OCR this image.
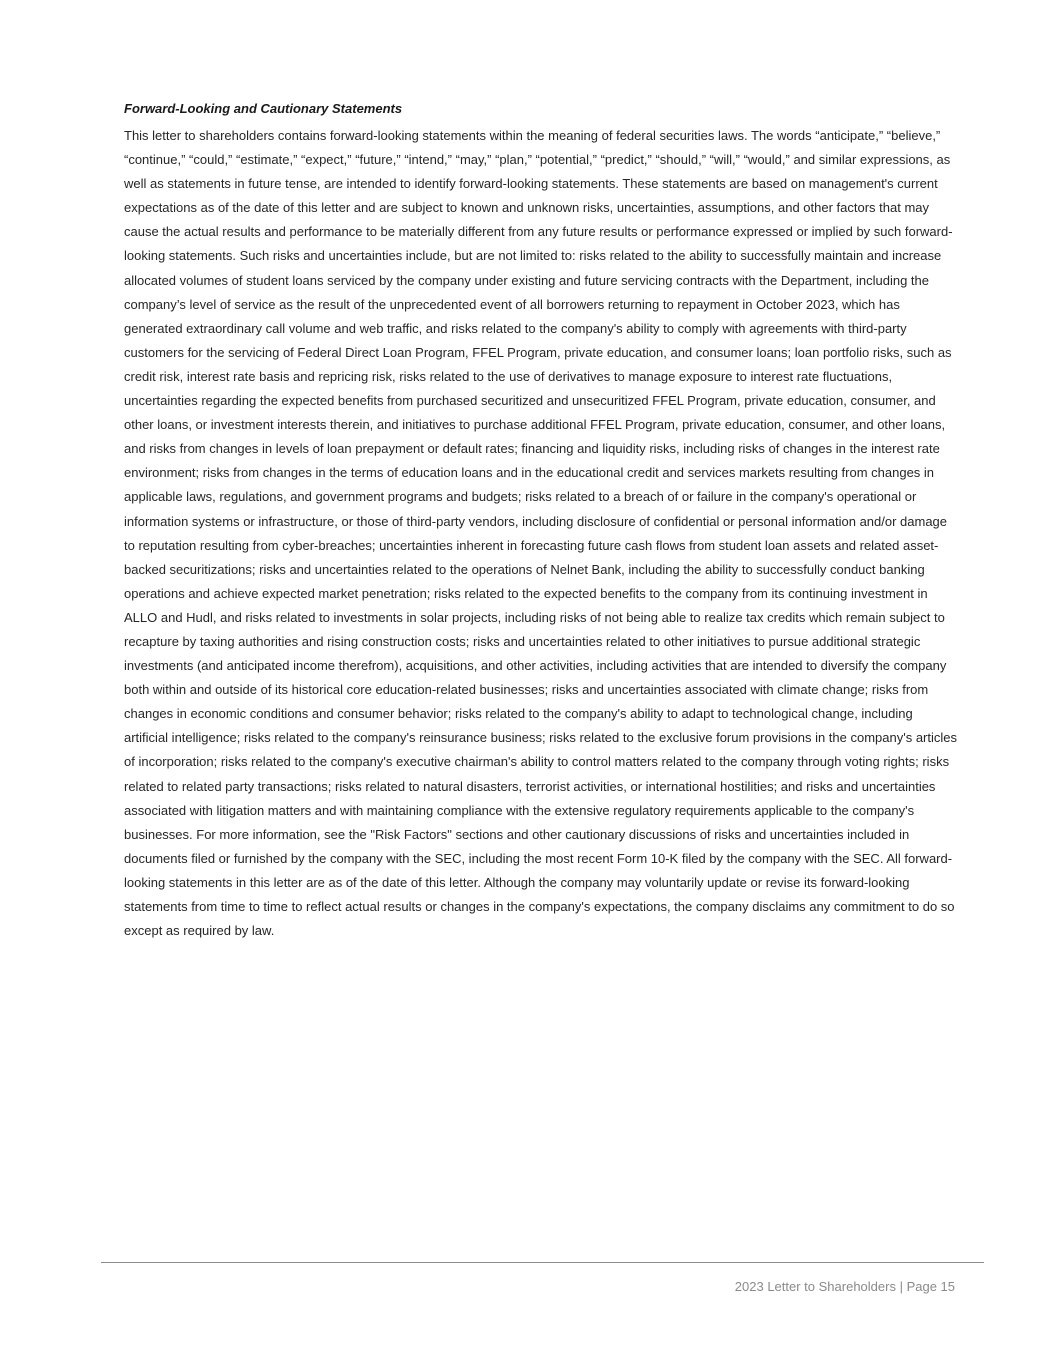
Forward-Looking and Cautionary Statements

This letter to shareholders contains forward-looking statements within the meaning of federal securities laws. The words “anticipate,” “believe,” “continue,” “could,” “estimate,” “expect,” “future,” “intend,” “may,” “plan,” “potential,” “predict,” “should,” “will,” “would,” and similar expressions, as well as statements in future tense, are intended to identify forward-looking statements. These statements are based on management's current expectations as of the date of this letter and are subject to known and unknown risks, uncertainties, assumptions, and other factors that may cause the actual results and performance to be materially different from any future results or performance expressed or implied by such forward-looking statements. Such risks and uncertainties include, but are not limited to: risks related to the ability to successfully maintain and increase allocated volumes of student loans serviced by the company under existing and future servicing contracts with the Department, including the company’s level of service as the result of the unprecedented event of all borrowers returning to repayment in October 2023, which has generated extraordinary call volume and web traffic, and risks related to the company's ability to comply with agreements with third-party customers for the servicing of Federal Direct Loan Program, FFEL Program, private education, and consumer loans; loan portfolio risks, such as credit risk, interest rate basis and repricing risk, risks related to the use of derivatives to manage exposure to interest rate fluctuations, uncertainties regarding the expected benefits from purchased securitized and unsecuritized FFEL Program, private education, consumer, and other loans, or investment interests therein, and initiatives to purchase additional FFEL Program, private education, consumer, and other loans, and risks from changes in levels of loan prepayment or default rates; financing and liquidity risks, including risks of changes in the interest rate environment; risks from changes in the terms of education loans and in the educational credit and services markets resulting from changes in applicable laws, regulations, and government programs and budgets; risks related to a breach of or failure in the company's operational or information systems or infrastructure, or those of third-party vendors, including disclosure of confidential or personal information and/or damage to reputation resulting from cyber-breaches; uncertainties inherent in forecasting future cash flows from student loan assets and related asset-backed securitizations; risks and uncertainties related to the operations of Nelnet Bank, including the ability to successfully conduct banking operations and achieve expected market penetration; risks related to the expected benefits to the company from its continuing investment in ALLO and Hudl, and risks related to investments in solar projects, including risks of not being able to realize tax credits which remain subject to recapture by taxing authorities and rising construction costs; risks and uncertainties related to other initiatives to pursue additional strategic investments (and anticipated income therefrom), acquisitions, and other activities, including activities that are intended to diversify the company both within and outside of its historical core education-related businesses; risks and uncertainties associated with climate change; risks from changes in economic conditions and consumer behavior; risks related to the company's ability to adapt to technological change, including artificial intelligence; risks related to the company's reinsurance business; risks related to the exclusive forum provisions in the company's articles of incorporation; risks related to the company's executive chairman's ability to control matters related to the company through voting rights; risks related to related party transactions; risks related to natural disasters, terrorist activities, or international hostilities; and risks and uncertainties associated with litigation matters and with maintaining compliance with the extensive regulatory requirements applicable to the company's businesses. For more information, see the "Risk Factors" sections and other cautionary discussions of risks and uncertainties included in documents filed or furnished by the company with the SEC, including the most recent Form 10-K filed by the company with the SEC. All forward-looking statements in this letter are as of the date of this letter. Although the company may voluntarily update or revise its forward-looking statements from time to time to reflect actual results or changes in the company's expectations, the company disclaims any commitment to do so except as required by law.

2023 Letter to Shareholders | Page 15
